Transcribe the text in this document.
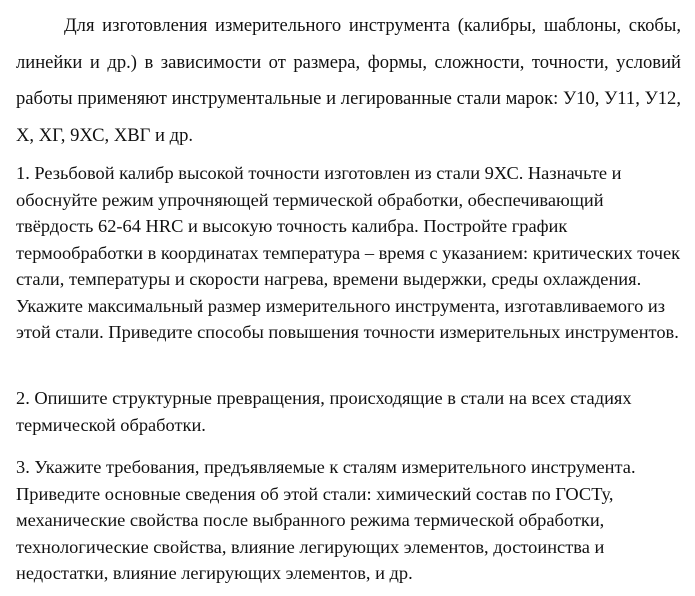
Для изготовления измерительного инструмента (калибры, шаблоны, скобы, линейки и др.) в зависимости от размера, формы, сложности, точности, условий работы применяют инструментальные и легированные стали марок: У10, У11, У12, Х, ХГ, 9ХС, ХВГ и др.

1. Резьбовой калибр высокой точности изготовлен из стали 9ХС. Назначьте и обоснуйте режим упрочняющей термической обработки, обеспечивающий твёрдость 62-64 HRC и высокую точность калибра. Постройте график термообработки в координатах температура – время с указанием: критических точек стали, температуры и скорости нагрева, времени выдержки, среды охлаждения. Укажите максимальный размер измерительного инструмента, изготавливаемого из этой стали. Приведите способы повышения точности измерительных инструментов.

2. Опишите структурные превращения, происходящие в стали на всех стадиях термической обработки.

3. Укажите требования, предъявляемые к сталям измерительного инструмента. Приведите основные сведения об этой стали: химический состав по ГОСТу, механические свойства после выбранного режима термической обработки, технологические свойства, влияние легирующих элементов, достоинства и недостатки, влияние легирующих элементов, и др.
